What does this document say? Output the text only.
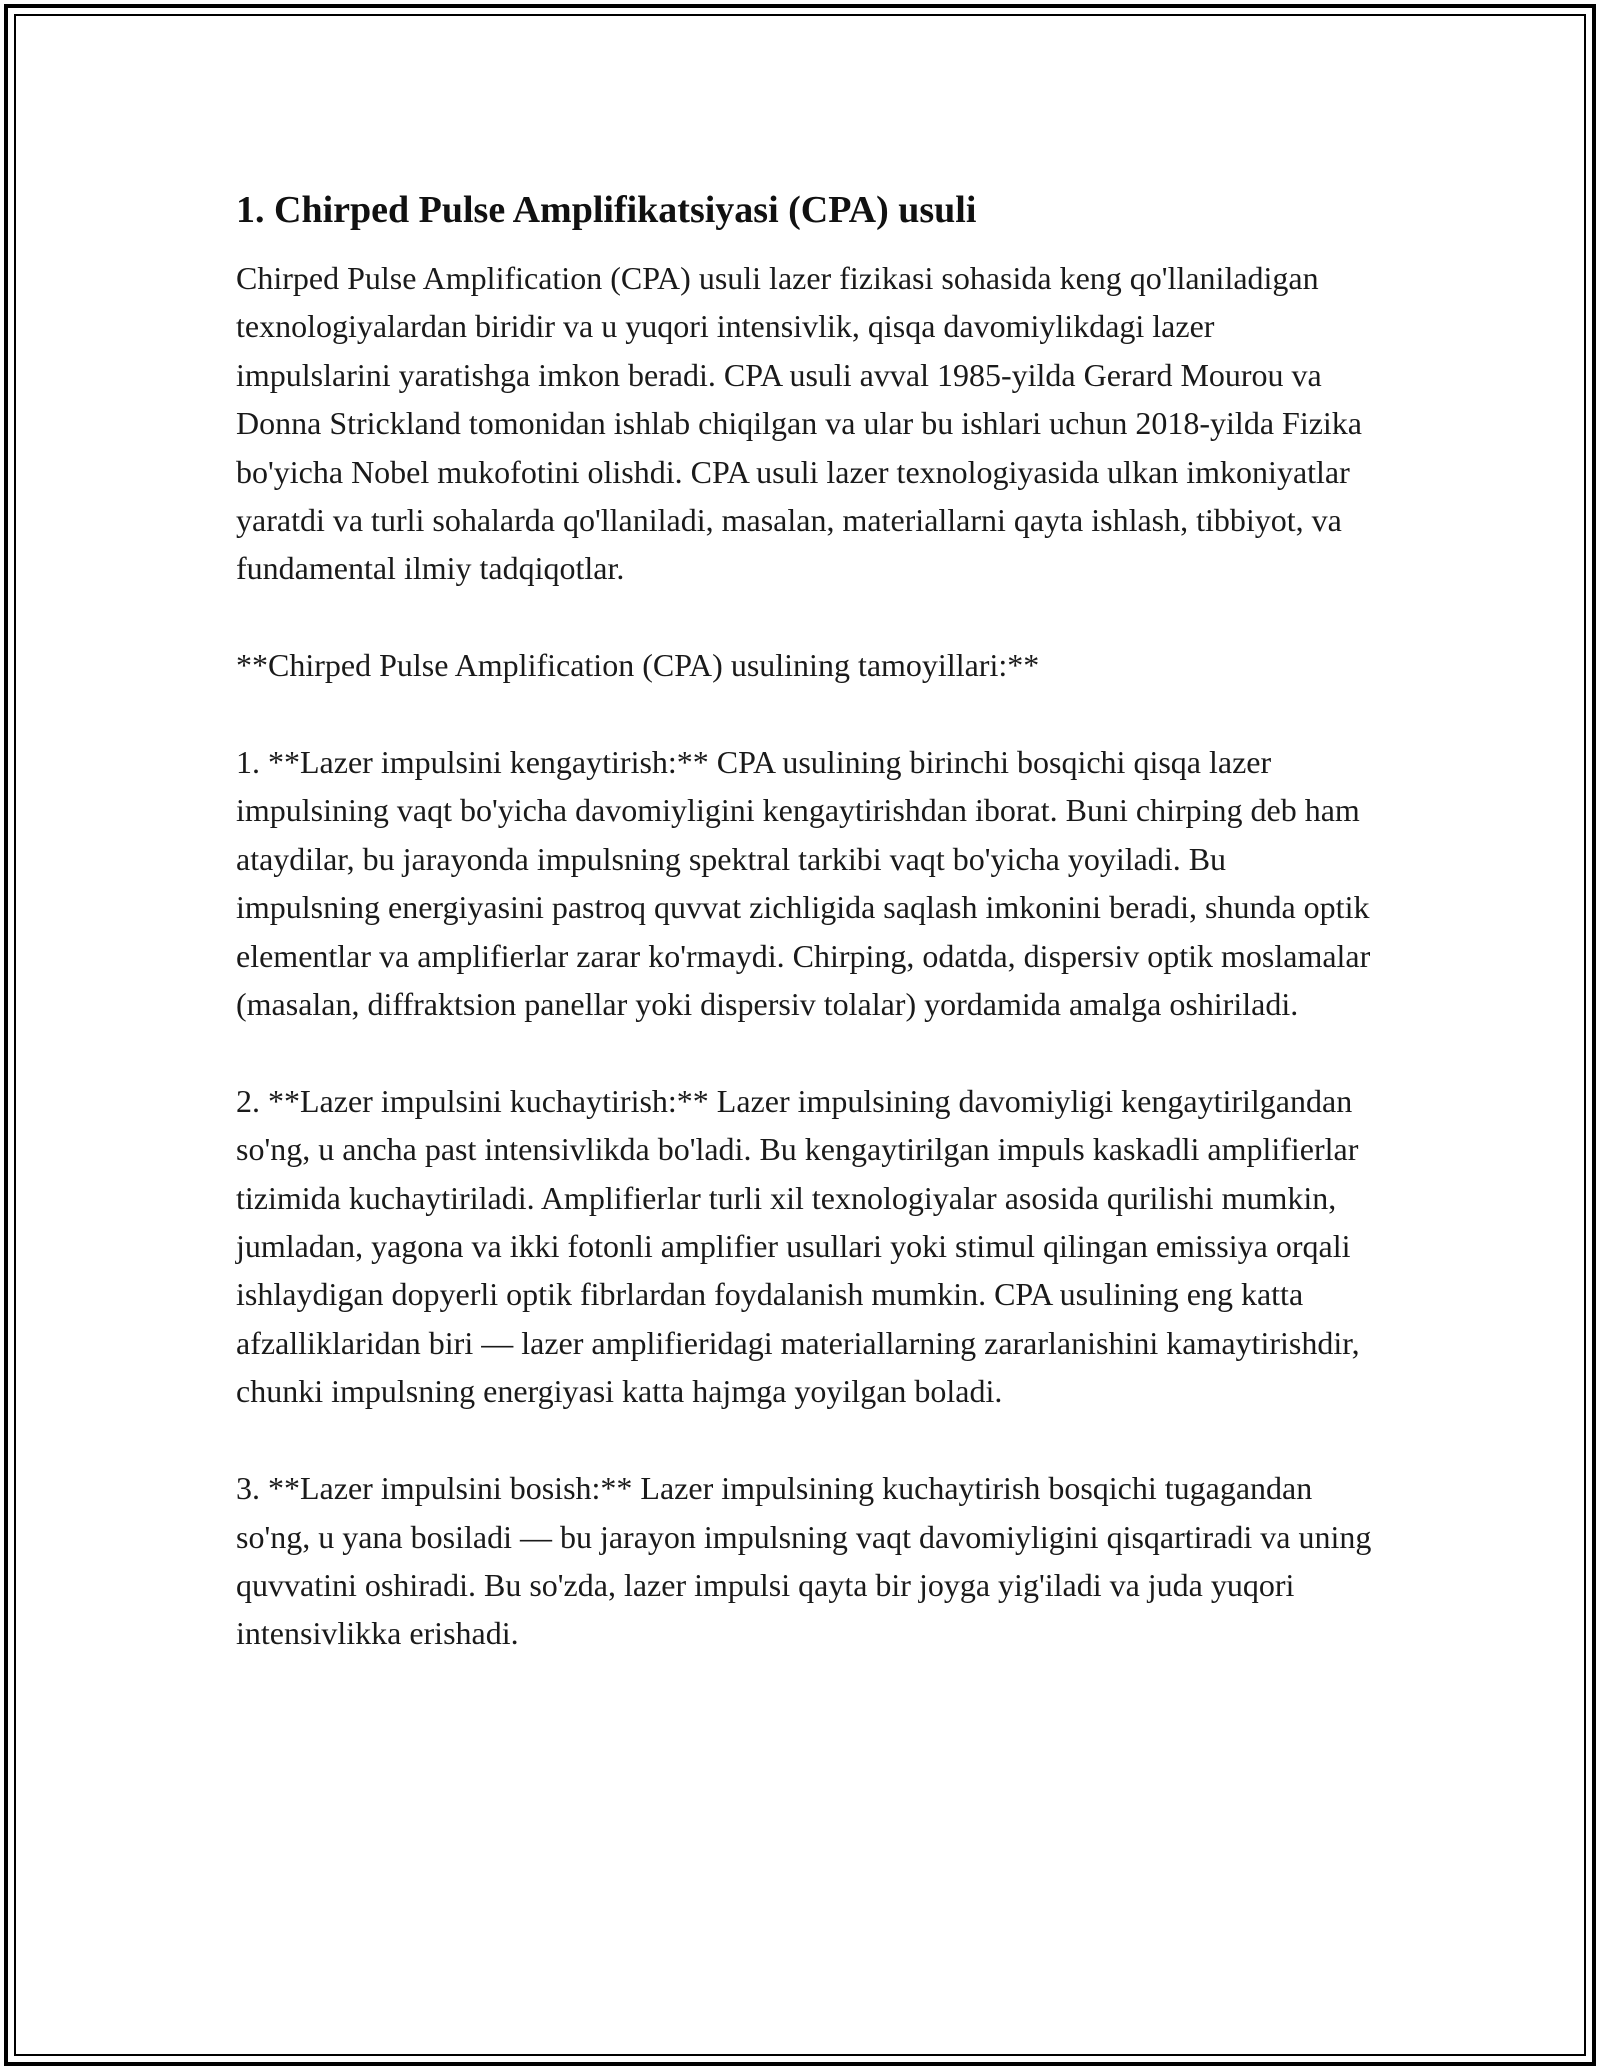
1. Chirped Pulse Amplifikatsiyasi (CPA) usuli

Chirped Pulse Amplification (CPA) usuli lazer fizikasi sohasida keng qo'llaniladigan texnologiyalardan biridir va u yuqori intensivlik, qisqa davomiylikdagi lazer impulslarini yaratishga imkon beradi. CPA usuli avval 1985-yilda Gerard Mourou va Donna Strickland tomonidan ishlab chiqilgan va ular bu ishlari uchun 2018-yilda Fizika bo'yicha Nobel mukofotini olishdi. CPA usuli lazer texnologiyasida ulkan imkoniyatlar yaratdi va turli sohalarda qo'llaniladi, masalan, materiallarni qayta ishlash, tibbiyot, va fundamental ilmiy tadqiqotlar.

**Chirped Pulse Amplification (CPA) usulining tamoyillari:**

1. **Lazer impulsini kengaytirish:** CPA usulining birinchi bosqichi qisqa lazer impulsining vaqt bo'yicha davomiyligini kengaytirishdan iborat. Buni chirping deb ham ataydilar, bu jarayonda impulsning spektral tarkibi vaqt bo'yicha yoyiladi. Bu impulsning energiyasini pastroq quvvat zichligida saqlash imkonini beradi, shunda optik elementlar va amplifierlar zarar ko'rmaydi. Chirping, odatda, dispersiv optik moslamalar (masalan, diffraktsion panellar yoki dispersiv tolalar) yordamida amalga oshiriladi.

2. **Lazer impulsini kuchaytirish:** Lazer impulsining davomiyligi kengaytirilgandan so'ng, u ancha past intensivlikda bo'ladi. Bu kengaytirilgan impuls kaskadli amplifierlar tizimida kuchaytiriladi. Amplifierlar turli xil texnologiyalar asosida qurilishi mumkin, jumladan, yagona va ikki fotonli amplifier usullari yoki stimul qilingan emissiya orqali ishlaydigan dopyerli optik fibrlardan foydalanish mumkin. CPA usulining eng katta afzalliklaridan biri — lazer amplifieridagi materiallarning zararlanishini kamaytirishdir, chunki impulsning energiyasi katta hajmga yoyilgan boladi.

3. **Lazer impulsini bosish:** Lazer impulsining kuchaytirish bosqichi tugagandan so'ng, u yana bosiladi — bu jarayon impulsning vaqt davomiyligini qisqartiradi va uning quvvatini oshiradi. Bu so'zda, lazer impulsi qayta bir joyga yig'iladi va juda yuqori intensivlikka erishadi.
